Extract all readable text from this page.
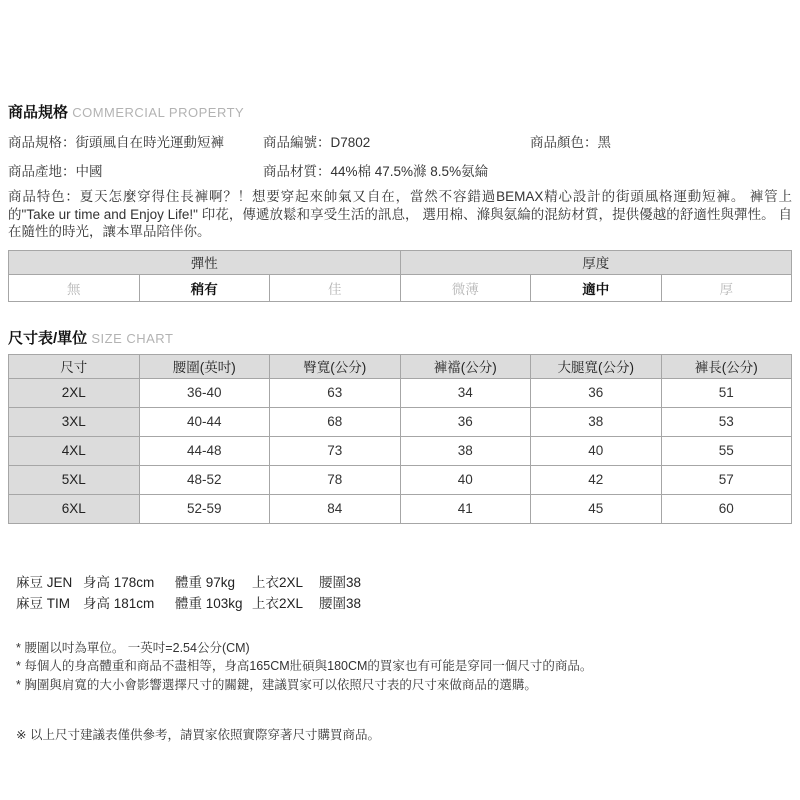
商品規格 COMMERCIAL PROPERTY
商品規格：街頭風自在時光運動短褲	商品編號：D7802	商品顏色：黑
商品產地：中國	商品材質：44%棉 47.5%滌 8.5%氨綸

商品特色：夏天怎麼穿得住長褲啊？！想要穿起來帥氣又自在，當然不容錯過BEMAX精心設計的街頭風格運動短褲。 褲管上的"Take ur time and Enjoy Life!" 印花，傳遞放鬆和享受生活的訊息， 選用棉、滌與氨綸的混紡材質，提供優越的舒適性與彈性。 自在隨性的時光，讓本單品陪伴你。

彈性			厚度		
無	稍有	佳	微薄	適中	厚
尺寸表/單位 SIZE CHART
尺寸	腰圍(英吋)	臀寬(公分)	褲襠(公分)	大腿寬(公分)	褲長(公分)
2XL	36-40	63	34	36	51
3XL	40-44	68	36	38	53
4XL	44-48	73	38	40	55
5XL	48-52	78	40	42	57
6XL	52-59	84	41	45	60
麻豆 JEN 身高 178cm	體重 97kg	上衣2XL	腰圍38
麻豆 TIM 身高 181cm	體重 103kg 上衣2XL	腰圍38
* 腰圍以吋為單位。 一英吋=2.54公分(CM)
* 每個人的身高體重和商品不盡相等，身高165CM壯碩與180CM的買家也有可能是穿同一個尺寸的商品。
* 胸圍與肩寬的大小會影響選擇尺寸的關鍵，建議買家可以依照尺寸表的尺寸來做商品的選購。
※ 以上尺寸建議表僅供參考，請買家依照實際穿著尺寸購買商品。
